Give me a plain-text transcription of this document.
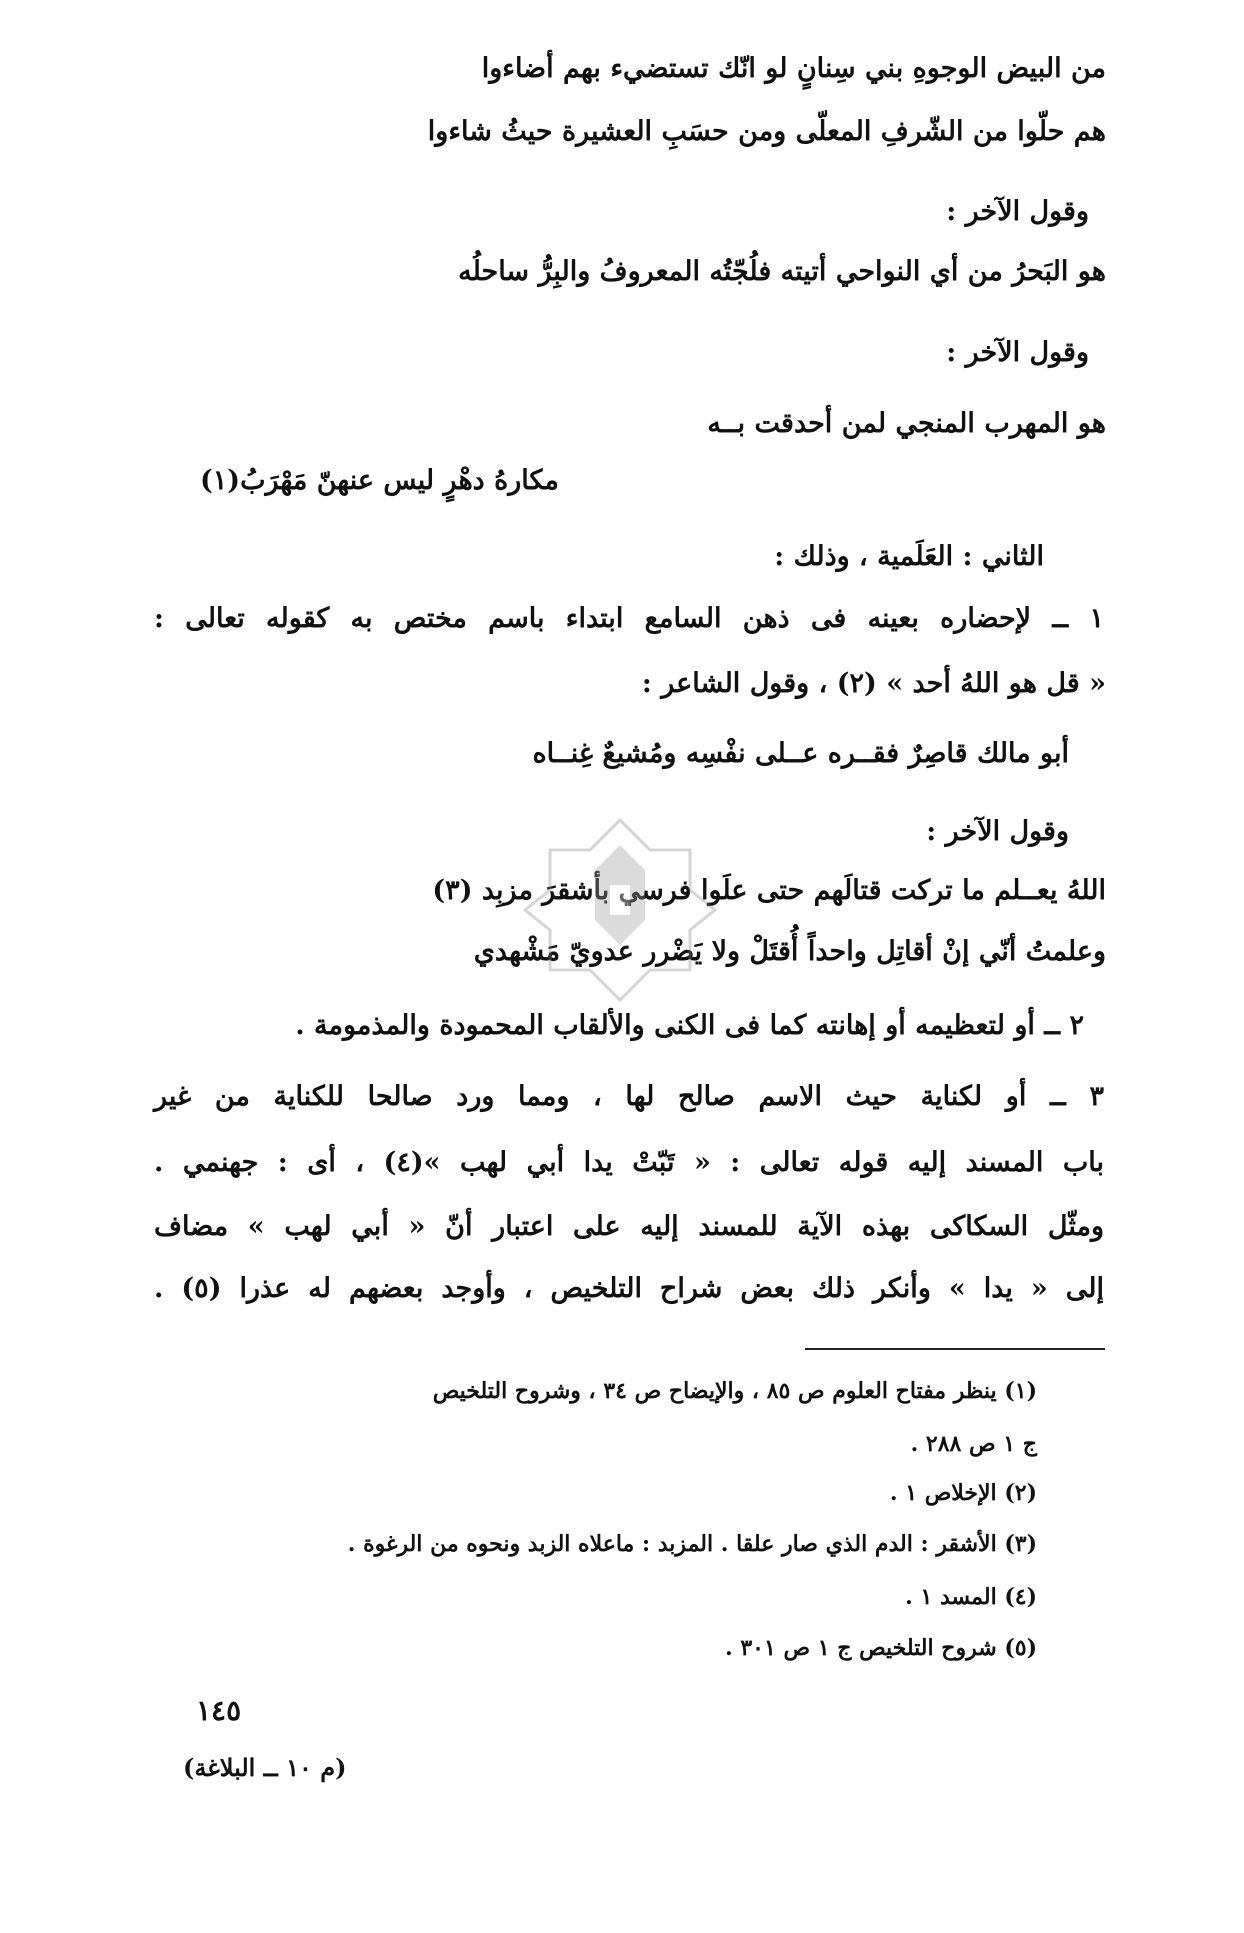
من البيض الوجوهِ بني سِنانٍ لو انّك تستضيء بهم أضاءوا
هم حلّوا من الشّرفِ المعلّى ومن حسَبِ العشيرة حيثُ شاءوا
وقول الآخر :
هو البَحرُ من أي النواحي أتيته فلُجّتُه المعروفُ والبِرُّ ساحلُه
وقول الآخر :
هو المهرب المنجي لمن أحدقت بــه
مكارهُ دهْرٍ ليس عنهنّ مَهْرَبُ(١)
الثاني : العَلَمية ، وذلك :
١ ــ لإحضاره بعينه فى ذهن السامع ابتداء باسم مختص به كقوله تعالى :
« قل هو اللهُ أحد » (٢) ، وقول الشاعر :
أبو مالك قاصِرٌ فقــره عــلى نفْسِه ومُشيعٌ غِنــاه
وقول الآخر :
اللهُ يعــلم ما تركت قتالَهم حتى علَوا فرسي بأشقرَ مزبِد (٣)
وعلمتُ أنّي إنْ أقاتِل واحداً أُقتَلْ ولا يَضْرر عدويّ مَشْهدي
٢ ــ أو لتعظيمه أو إهانته كما فى الكنى والألقاب المحمودة والمذمومة .
٣ ــ أو لكناية حيث الاسم صالح لها ، ومما ورد صالحا للكناية من غير
باب المسند إليه قوله تعالى : « تَبّتْ يدا أبي لهب »(٤) ، أى : جهنمي .
ومثّل السكاكى بهذه الآية للمسند إليه على اعتبار أنّ « أبي لهب » مضاف
إلى « يدا » وأنكر ذلك بعض شراح التلخيص ، وأوجد بعضهم له عذرا (٥) .
(١) ينظر مفتاح العلوم ص ٨٥ ، والإيضاح ص ٣٤ ، وشروح التلخيص
ج ١ ص ٢٨٨ .
(٢) الإخلاص ١ .
(٣) الأشقر : الدم الذي صار علقا . المزبد : ماعلاه الزبد ونحوه من الرغوة .
(٤) المسد ١ .
(٥) شروح التلخيص ج ١ ص ٣٠١ .
١٤٥
(م ١٠ ــ البلاغة)
